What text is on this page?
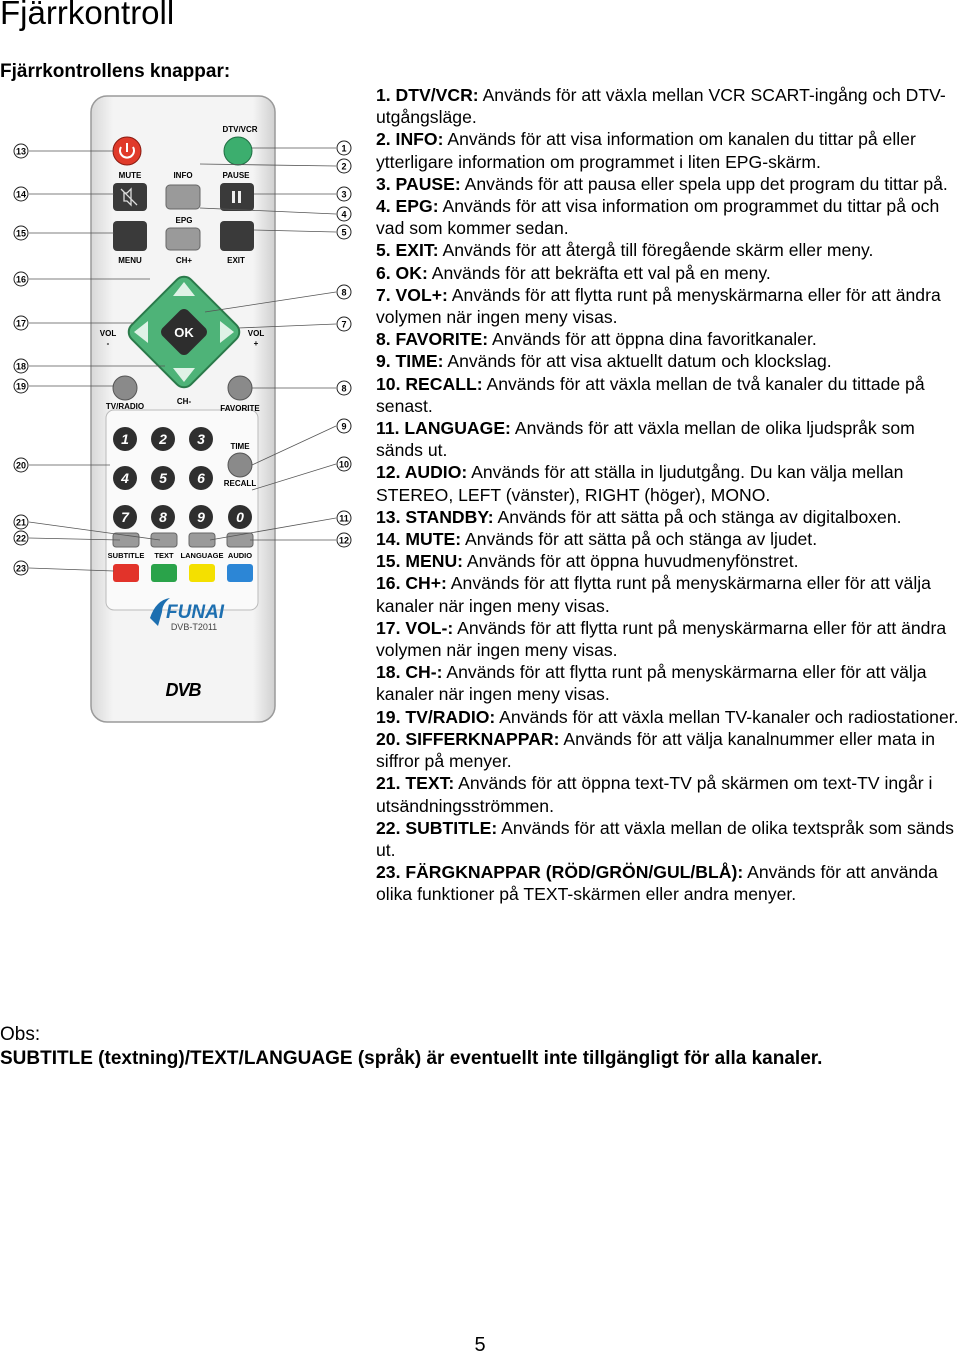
Fjärrkontroll
Fjärrkontrollens knappar:
DTV/VCR
MUTE	INFO	PAUSE
EPG
MENU	CH+	EXIT
OK
VOL
-
VOL
+
CH-
TV/RADIO	FAVORITE
1 2 3
4 5 6
7 8 9 0
TIME
RECALL
SUBTITLE TEXT LANGUAGE AUDIO
FUNAI
DVB-T2011
DVB
13
14
15
16
17
18
19
20
21
22
23
1
2
3
4
5
8
7
8
9
10
11
12
1. DTV/VCR: Används för att växla mellan VCR SCART-ingång och DTV-utgångsläge.
2. INFO: Används för att visa information om kanalen du tittar på eller ytterligare information om programmet i liten EPG-skärm.
3. PAUSE: Används för att pausa eller spela upp det program du tittar på.
4. EPG: Används för att visa information om programmet du tittar på och vad som kommer sedan.
5. EXIT: Används för att återgå till föregående skärm eller meny.
6. OK: Används för att bekräfta ett val på en meny.
7. VOL+: Används för att flytta runt på menyskärmarna eller för att ändra volymen när ingen meny visas.
8. FAVORITE: Används för att öppna dina favoritkanaler.
9. TIME: Används för att visa aktuellt datum och klockslag.
10. RECALL: Används för att växla mellan de två kanaler du tittade på senast.
11. LANGUAGE: Används för att växla mellan de olika ljudspråk som sänds ut.
12. AUDIO: Används för att ställa in ljudutgång. Du kan välja mellan STEREO, LEFT (vänster), RIGHT (höger), MONO.
13. STANDBY: Används för att sätta på och stänga av digitalboxen.
14. MUTE: Används för att sätta på och stänga av ljudet.
15. MENU: Används för att öppna huvudmenyfönstret.
16. CH+: Används för att flytta runt på menyskärmarna eller för att välja kanaler när ingen meny visas.
17. VOL-: Används för att flytta runt på menyskärmarna eller för att ändra volymen när ingen meny visas.
18. CH-: Används för att flytta runt på menyskärmarna eller för att välja kanaler när ingen meny visas.
19. TV/RADIO: Används för att växla mellan TV-kanaler och radiostationer.
20. SIFFERKNAPPAR: Används för att välja kanalnummer eller mata in siffror på menyer.
21. TEXT: Används för att öppna text-TV på skärmen om text-TV ingår i utsändningsströmmen.
22. SUBTITLE: Används för att växla mellan de olika textspråk som sänds ut.
23. FÄRGKNAPPAR (RÖD/GRÖN/GUL/BLÅ): Används för att använda olika funktioner på TEXT-skärmen eller andra menyer.

Obs:

SUBTITLE (textning)/TEXT/LANGUAGE (språk) är eventuellt inte tillgängligt för alla kanaler.

5
